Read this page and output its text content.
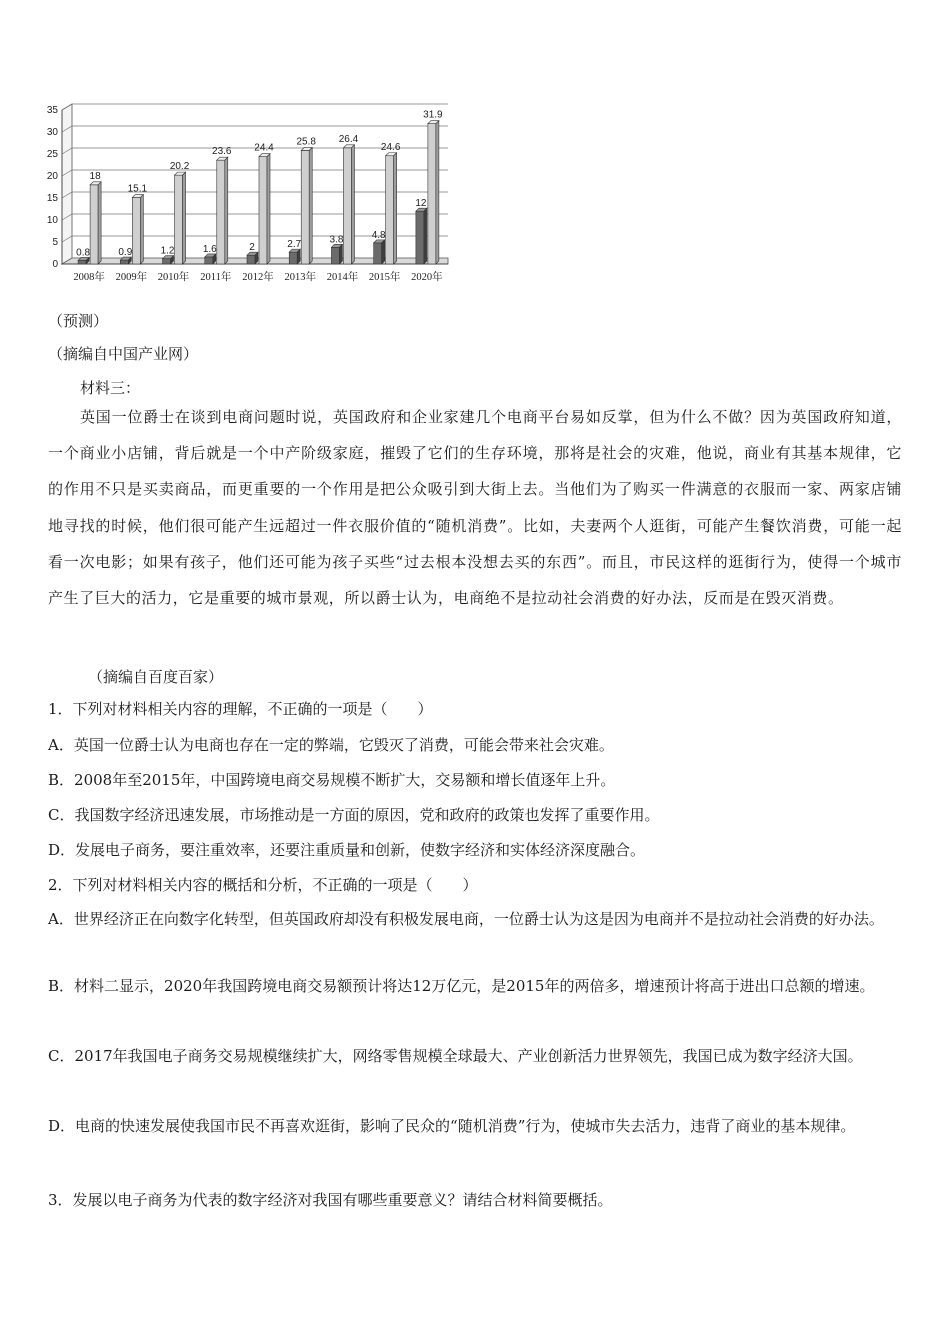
0
5
10
15
20
25
30
35
0.8
18
0.9
15.1
1.2
20.2
1.6
23.6
2
24.4
2.7
25.8
3.8
26.4
4.8
24.6
12
31.9
2008年 2009年 2010年 2011年 2012年 2013年 2014年 2015年 2020年
（预测）
（摘编自中国产业网）
材料三：
英国一位爵士在谈到电商问题时说，英国政府和企业家建几个电商平台易如反掌，但为什么不做？因为英国政府知道，一个商业小店铺，背后就是一个中产阶级家庭，摧毁了它们的生存环境，那将是社会的灾难，他说，商业有其基本规律，它的作用不只是买卖商品，而更重要的一个作用是把公众吸引到大街上去。当他们为了购买一件满意的衣服而一家、两家店铺地寻找的时候，他们很可能产生远超过一件衣服价值的“随机消费”。比如，夫妻两个人逛街，可能产生餐饮消费，可能一起看一次电影；如果有孩子，他们还可能为孩子买些“过去根本没想去买的东西”。而且，市民这样的逛街行为，使得一个城市产生了巨大的活力，它是重要的城市景观，所以爵士认为，电商绝不是拉动社会消费的好办法，反而是在毁灭消费。
（摘编自百度百家）
1．下列对材料相关内容的理解，不正确的一项是（　　）
A．英国一位爵士认为电商也存在一定的弊端，它毁灭了消费，可能会带来社会灾难。
B．2008年至2015年，中国跨境电商交易规模不断扩大，交易额和增长值逐年上升。
C．我国数字经济迅速发展，市场推动是一方面的原因，党和政府的政策也发挥了重要作用。
D．发展电子商务，要注重效率，还要注重质量和创新，使数字经济和实体经济深度融合。
2．下列对材料相关内容的概括和分析，不正确的一项是（　　）
A．世界经济正在向数字化转型，但英国政府却没有积极发展电商，一位爵士认为这是因为电商并不是拉动社会消费的好办法。
B．材料二显示，2020年我国跨境电商交易额预计将达12万亿元，是2015年的两倍多，增速预计将高于进出口总额的增速。
C．2017年我国电子商务交易规模继续扩大，网络零售规模全球最大、产业创新活力世界领先，我国已成为数字经济大国。
D．电商的快速发展使我国市民不再喜欢逛街，影响了民众的“随机消费”行为，使城市失去活力，违背了商业的基本规律。
3．发展以电子商务为代表的数字经济对我国有哪些重要意义？请结合材料简要概括。
